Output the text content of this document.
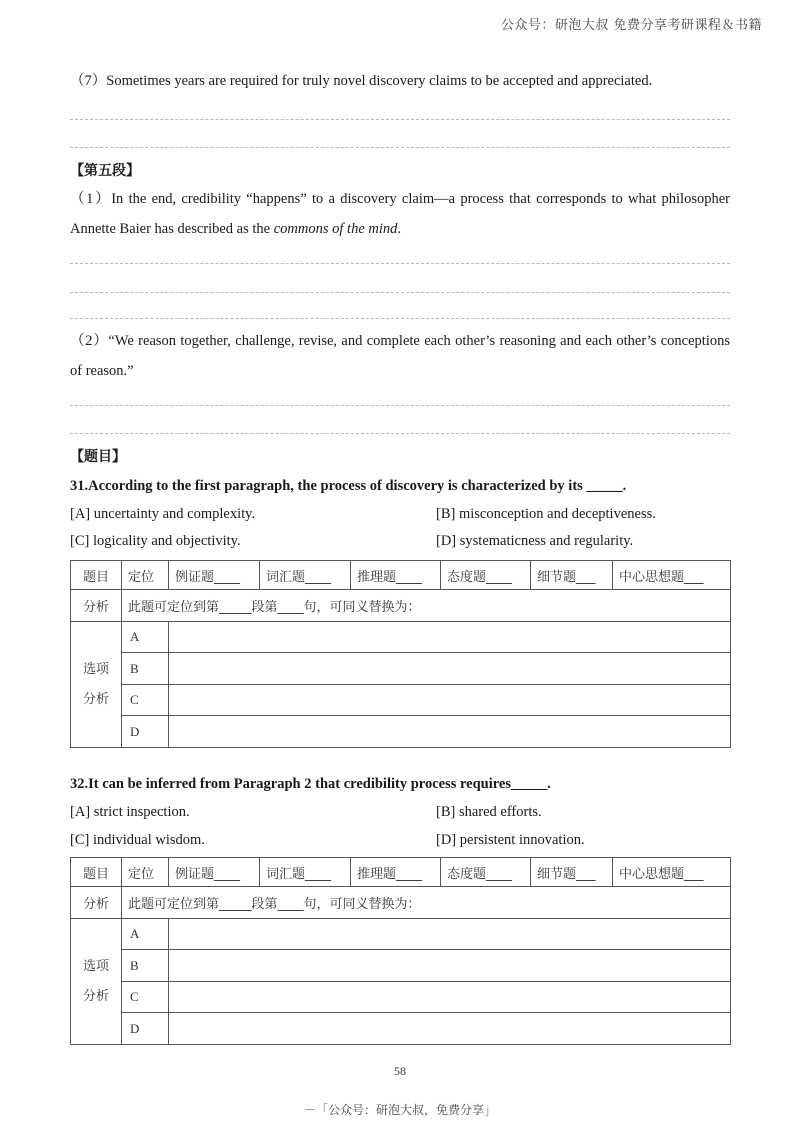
公众号：研泡大叔 免费分享考研课程＆书籍
（7）Sometimes years are required for truly novel discovery claims to be accepted and appreciated.
【第五段】
（1）In the end, credibility “happens” to a discovery claim—a process that corresponds to what philosopher Annette Baier has described as the commons of the mind.
（2）“We reason together, challenge, revise, and complete each other’s reasoning and each other’s conceptions of reason.”
【题目】
31.According to the first paragraph, the process of discovery is characterized by its _____.
[A] uncertainty and complexity.	[B] misconception and deceptiveness.
[C] logicality and objectivity.	[D] systematicness and regularity.
题目	定位	例证题____	词汇题____	推理题____	态度题____	细节题___	中心思想题___
分析	此题可定位到第_____段第____句，可同义替换为：						
选项
分析	A						
	B						
	C						
	D						
32.It can be inferred from Paragraph 2 that credibility process requires_____.
[A] strict inspection.	[B] shared efforts.
[C] individual wisdom.	[D] persistent innovation.
题目	定位	例证题____	词汇题____	推理题____	态度题____	细节题___	中心思想题___
分析	此题可定位到第_____段第____句，可同义替换为：						
选项
分析	A						
	B						
	C						
	D						
58
－「公众号：研泡大叔，免费分享」
